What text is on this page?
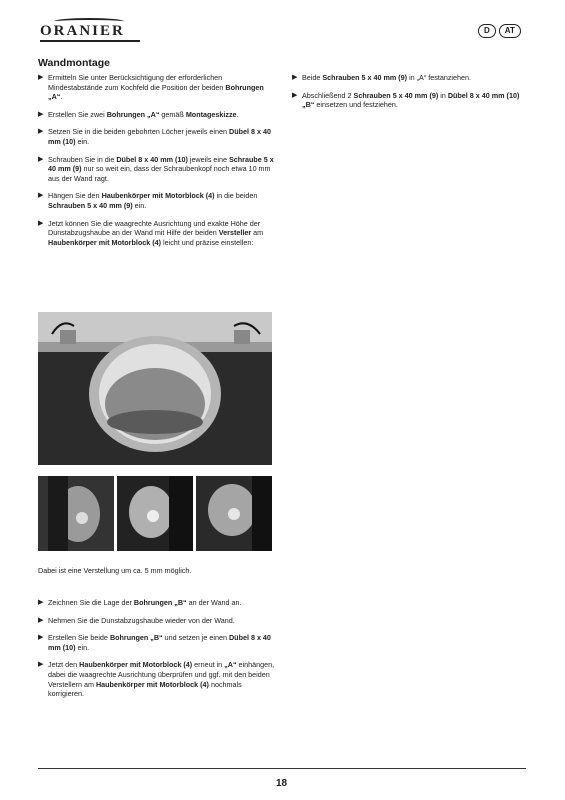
ORANIER	D	AT
Wandmontage
▶ Ermitteln Sie unter Berücksichtigung der erforderlichen Mindestabstände zum Kochfeld die Position der beiden Bohrungen „A“.
▶ Erstellen Sie zwei Bohrungen „A“ gemäß Montageskizze.
▶ Setzen Sie in die beiden gebohrten Löcher jeweils einen Dübel 8 x 40 mm (10) ein.
▶ Schrauben Sie in die Dübel 8 x 40 mm (10) jeweils eine Schraube 5 x 40 mm (9) nur so weit ein, dass der Schraubenkopf noch etwa 10 mm aus der Wand ragt.
▶ Hängen Sie den Haubenkörper mit Motorblock (4) in die beiden Schrauben 5 x 40 mm (9) ein.
▶ Jetzt können Sie die waagrechte Ausrichtung und exakte Höhe der Dunstabzugshaube an der Wand mit Hilfe der beiden Versteller am Haubenkörper mit Motorblock (4) leicht und präzise einstellen:
▶ Beide Schrauben 5 x 40 mm (9) in „A“ festanziehen.
▶ Abschließend 2 Schrauben 5 x 40 mm (9) in Dübel 8 x 40 mm (10) „B“ einsetzen und festziehen.
Dabei ist eine Verstellung um ca. 5 mm möglich.
▶ Zeichnen Sie die Lage der Bohrungen „B“ an der Wand an.
▶ Nehmen Sie die Dunstabzugshaube wieder von der Wand.
▶ Erstellen Sie beide Bohrungen „B“ und setzen je einen Dübel 8 x 40 mm (10) ein.
▶ Jetzt den Haubenkörper mit Motorblock (4) erneut in „A“ einhängen, dabei die waagrechte Ausrichtung überprüfen und ggf. mit den beiden Verstellern am Haubenkörper mit Motorblock (4) nochmals korrigieren.
18
